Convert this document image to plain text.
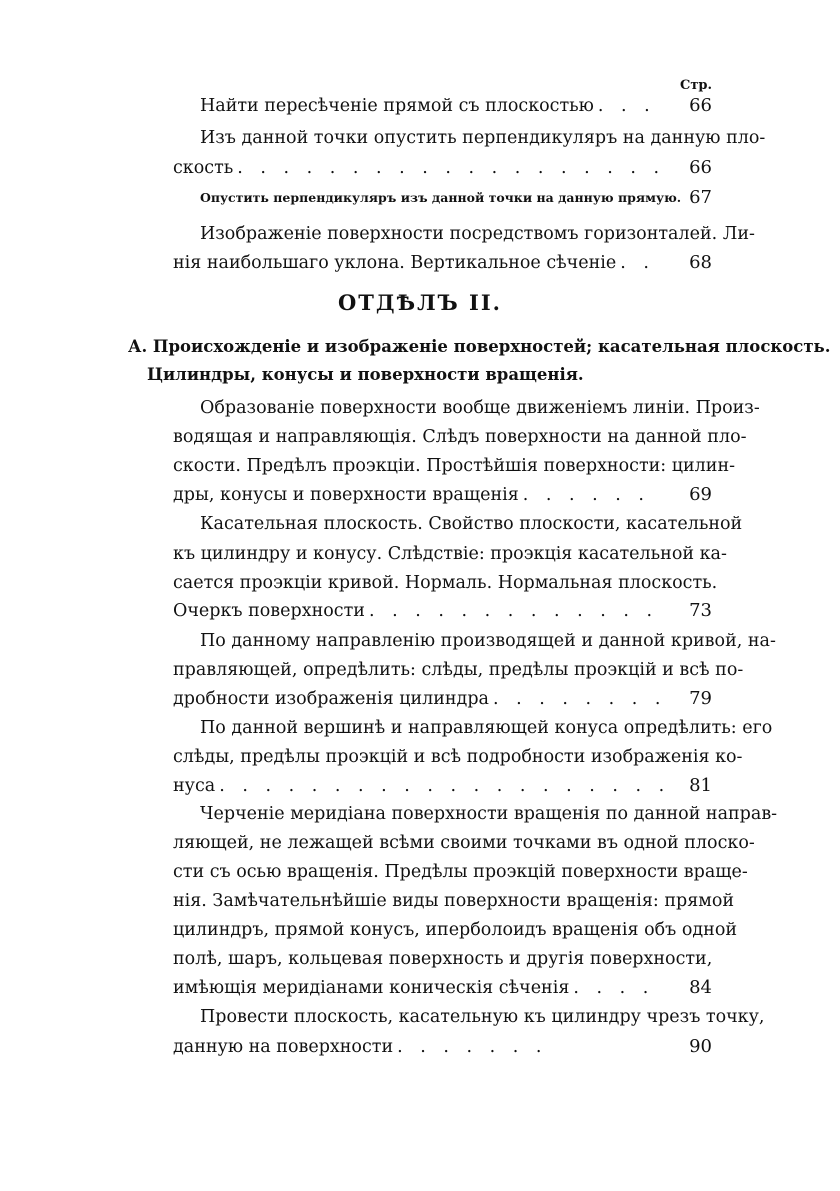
Стр.
Найти пересѣченіе прямой съ плоскостью . . .	66
Изъ данной точки опустить перпендикуляръ на данную пло-
скость . . .	66
Опустить перпендикуляръ изъ данной точки на данную прямую. 67
Изображеніе поверхности посредствомъ горизонталей. Ли-
нія наибольшаго уклона. Вертикальное сѣченіе . . .	68
ОТДѢЛЪ II.
А. Происхожденіе и изображеніе поверхностей; касательная плоскость.
Цилиндры, конусы и поверхности вращенія.
Образованіе поверхности вообще движеніемъ линіи. Произ-
водящая и направляющія. Слѣдъ поверхности на данной пло-
скости. Предѣлъ проэкціи. Простѣйшія поверхности: цилин-
дры, конусы и поверхности вращенія . . .	69
Касательная плоскость. Свойство плоскости, касательной
къ цилиндру и конусу. Слѣдствіе: проэкція касательной ка-
сается проэкціи кривой. Нормаль. Нормальная плоскость.
Очеркъ поверхности . . .	73
По данному направленію производящей и данной кривой, на-
правляющей, опредѣлить: слѣды, предѣлы проэкцій и всѣ по-
дробности изображенія цилиндра . . .	79
По данной вершинѣ и направляющей конуса опредѣлить: его
слѣды, предѣлы проэкцій и всѣ подробности изображенія ко-
нуса . . .	81
Черченіе меридіана поверхности вращенія по данной направ-
ляющей, не лежащей всѣми своими точками въ одной плоско-
сти съ осью вращенія. Предѣлы проэкцій поверхности враще-
нія. Замѣчательнѣйшіе виды поверхности вращенія: прямой
цилиндръ, прямой конусъ, иперболоидъ вращенія объ одной
полѣ, шаръ, кольцевая поверхность и другія поверхности,
имѣющія меридіанами коническія сѣченія . . .	84
Провести плоскость, касательную къ цилиндру чрезъ точку,
данную на поверхности . . .	90
